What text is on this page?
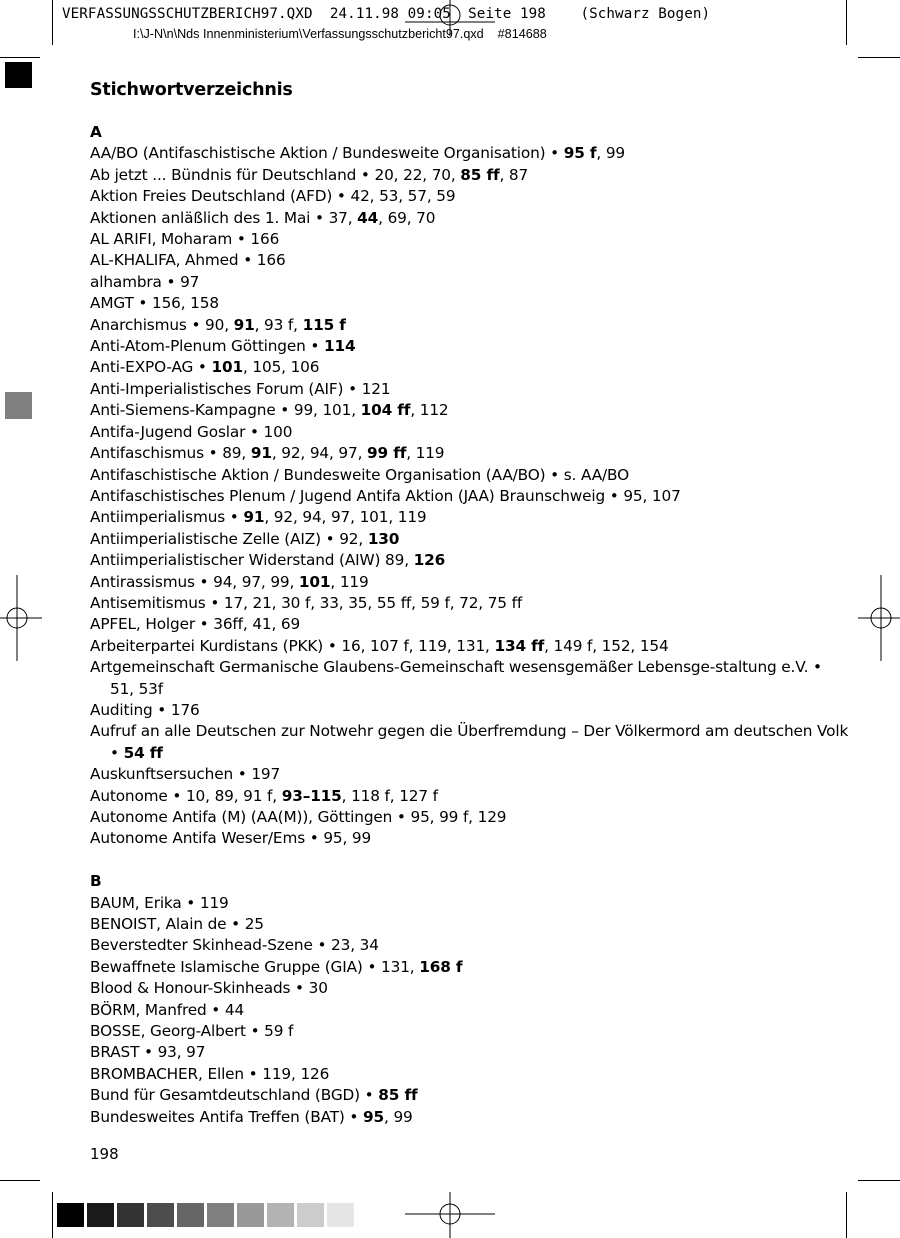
VERFASSUNGSSCHUTZBERICH97.QXD  24.11.98 09:05  Seite 198    (Schwarz Bogen)
I:\J-N\n\Nds Innenministerium\Verfassungsschutzbericht97.qxd    #814688
Stichwortverzeichnis
A
AA/BO (Antifaschistische Aktion / Bundesweite Organisation) • 95 f, 99
Ab jetzt ... Bündnis für Deutschland • 20, 22, 70, 85 ff, 87
Aktion Freies Deutschland (AFD) • 42, 53, 57, 59
Aktionen anläßlich des 1. Mai • 37, 44, 69, 70
AL ARIFI, Moharam • 166
AL-KHALIFA, Ahmed • 166
alhambra • 97
AMGT • 156, 158
Anarchismus • 90, 91, 93 f, 115 f
Anti-Atom-Plenum Göttingen • 114
Anti-EXPO-AG • 101, 105, 106
Anti-Imperialistisches Forum (AIF) • 121
Anti-Siemens-Kampagne • 99, 101, 104 ff, 112
Antifa-Jugend Goslar • 100
Antifaschismus • 89, 91, 92, 94, 97, 99 ff, 119
Antifaschistische Aktion / Bundesweite Organisation (AA/BO) • s. AA/BO
Antifaschistisches Plenum / Jugend Antifa Aktion (JAA) Braunschweig • 95, 107
Antiimperialismus • 91, 92, 94, 97, 101, 119
Antiimperialistische Zelle (AIZ) • 92, 130
Antiimperialistischer Widerstand (AIW) 89, 126
Antirassismus • 94, 97, 99, 101, 119
Antisemitismus • 17, 21, 30 f, 33, 35, 55 ff, 59 f, 72, 75 ff
APFEL, Holger • 36ff, 41, 69
Arbeiterpartei Kurdistans (PKK) • 16, 107 f, 119, 131, 134 ff, 149 f, 152, 154
Artgemeinschaft Germanische Glaubens-Gemeinschaft wesensgemäßer Lebensge-staltung e.V. • 51, 53f
Auditing • 176
Aufruf an alle Deutschen zur Notwehr gegen die Überfremdung – Der Völkermord am deutschen Volk • 54 ff
Auskunftsersuchen • 197
Autonome • 10, 89, 91 f, 93–115, 118 f, 127 f
Autonome Antifa (M) (AA(M)), Göttingen • 95, 99 f, 129
Autonome Antifa Weser/Ems • 95, 99
B
BAUM, Erika • 119
BENOIST, Alain de • 25
Beverstedter Skinhead-Szene • 23, 34
Bewaffnete Islamische Gruppe (GIA) • 131, 168 f
Blood & Honour-Skinheads • 30
BÖRM, Manfred • 44
BOSSE, Georg-Albert • 59 f
BRAST • 93, 97
BROMBACHER, Ellen • 119, 126
Bund für Gesamtdeutschland (BGD) • 85 ff
Bundesweites Antifa Treffen (BAT) • 95, 99
198
